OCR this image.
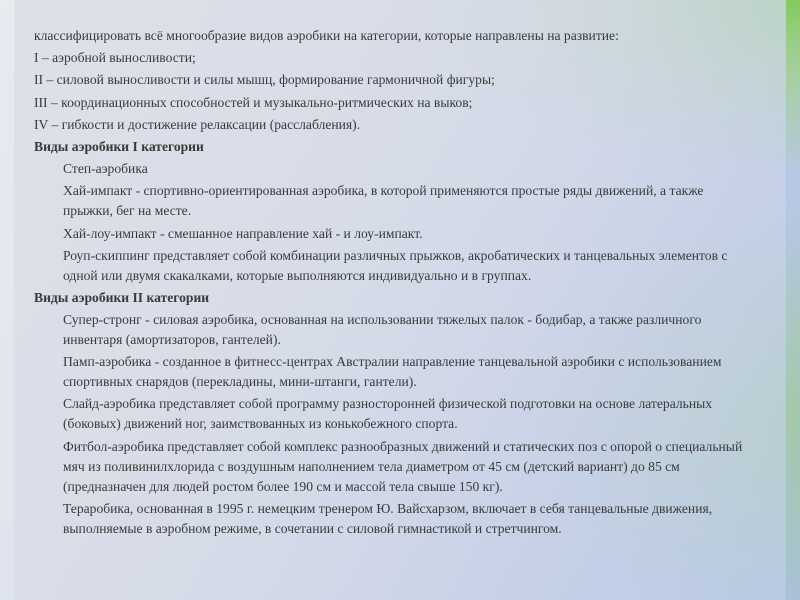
классифицировать всё многообразие видов аэробики на категории, которые направлены на развитие:

I – аэробной выносливости;

II – силовой выносливости и силы мышц, формирование гармоничной фигуры;

III – координационных способностей и музыкально-ритмических на выков;

IV – гибкости и достижение релаксации (расслабления).

Виды аэробики I категории

Степ-аэробика
Хай-импакт - спортивно-ориентированная аэробика, в которой применяются простые ряды движений, а также прыжки, бег на месте.
Хай-лоу-импакт - смешанное направление хай - и лоу-импакт.
Роуп-скиппинг представляет собой комбинации различных прыжков, акробатических и танцевальных элементов с одной или двумя скакалками, которые выполняются индивидуально и в группах.

Виды аэробики II категории

Супер-стронг - силовая аэробика, основанная на использовании тяжелых палок - бодибар, а также различного инвентаря (амортизаторов, гантелей).
Памп-аэробика - созданное в фитнесс-центрах Австралии направление танцевальной аэробики с использованием спортивных снарядов (перекладины, мини-штанги, гантели).
Слайд-аэробика представляет собой программу разносторонней физической подготовки на основе латеральных (боковых) движений ног, заимствованных из конькобежного спорта.
Фитбол-аэробика представляет собой комплекс разнообразных движений и статических поз с опорой о специальный мяч из поливинилхлорида с воздушным наполнением тела диаметром от 45 см (детский вариант) до 85 см (предназначен для людей ростом более 190 см и массой тела свыше 150 кг).
Тераробика, основанная в 1995 г. немецким тренером Ю. Вайсхарзом, включает в себя танцевальные движения, выполняемые в аэробном режиме, в сочетании с силовой гимнастикой и стретчингом.
